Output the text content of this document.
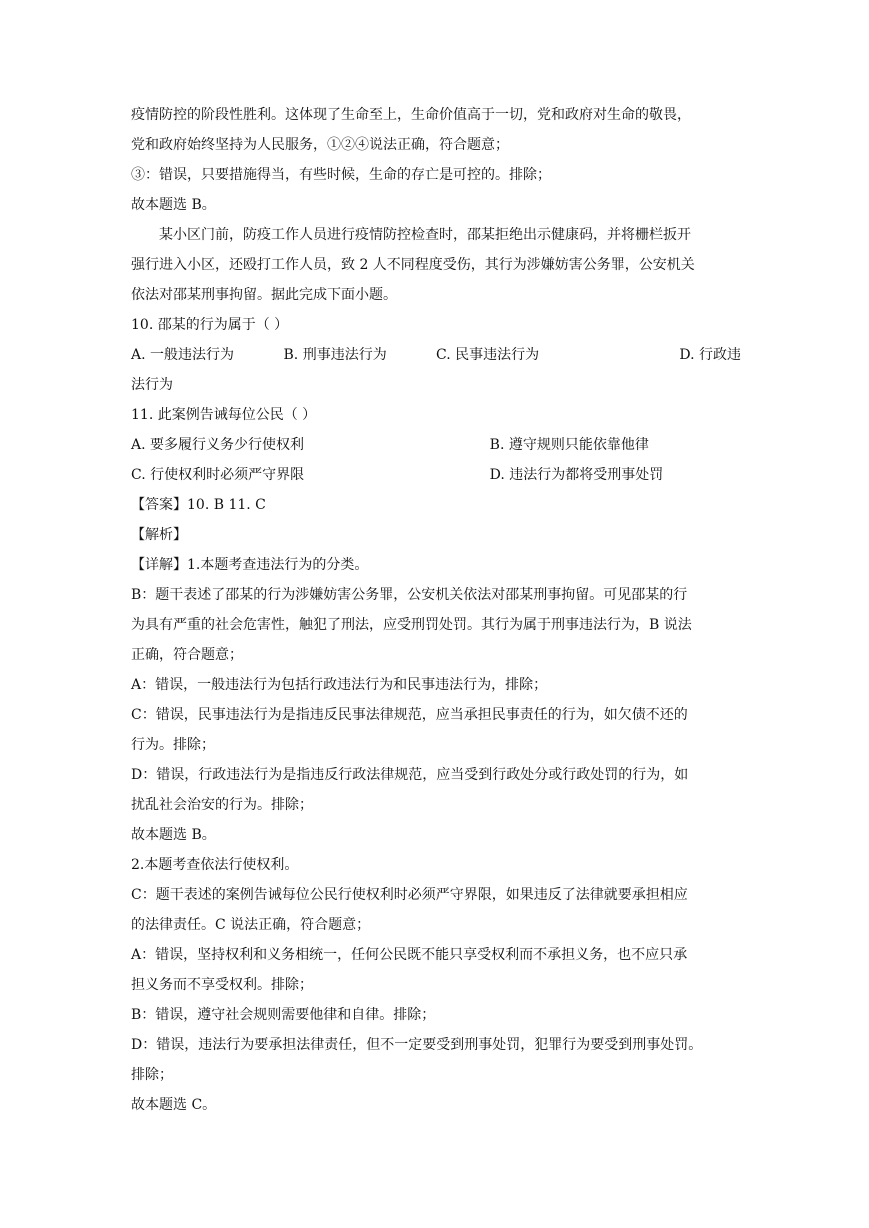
疫情防控的阶段性胜利。这体现了生命至上，生命价值高于一切，党和政府对生命的敬畏，
党和政府始终坚持为人民服务，①②④说法正确，符合题意；
③：错误，只要措施得当，有些时候，生命的存亡是可控的。排除；
故本题选 B。
某小区门前，防疫工作人员进行疫情防控检查时，邵某拒绝出示健康码，并将栅栏扳开
强行进入小区，还殴打工作人员，致 2 人不同程度受伤，其行为涉嫌妨害公务罪，公安机关
依法对邵某刑事拘留。据此完成下面小题。
10. 邵某的行为属于（ ）
A. 一般违法行为	B. 刑事违法行为	C. 民事违法行为	D. 行政违
法行为
11. 此案例告诫每位公民（ ）
A. 要多履行义务少行使权利	B. 遵守规则只能依靠他律
C. 行使权利时必须严守界限	D. 违法行为都将受刑事处罚
【答案】10. B 11. C
【解析】
【详解】1.本题考查违法行为的分类。
B：题干表述了邵某的行为涉嫌妨害公务罪，公安机关依法对邵某刑事拘留。可见邵某的行
为具有严重的社会危害性，触犯了刑法，应受刑罚处罚。其行为属于刑事违法行为，B 说法
正确，符合题意；
A：错误，一般违法行为包括行政违法行为和民事违法行为，排除；
C：错误，民事违法行为是指违反民事法律规范，应当承担民事责任的行为，如欠债不还的
行为。排除；
D：错误，行政违法行为是指违反行政法律规范，应当受到行政处分或行政处罚的行为，如
扰乱社会治安的行为。排除；
故本题选 B。
2.本题考查依法行使权利。
C：题干表述的案例告诫每位公民行使权利时必须严守界限，如果违反了法律就要承担相应
的法律责任。C 说法正确，符合题意；
A：错误，坚持权利和义务相统一，任何公民既不能只享受权利而不承担义务，也不应只承
担义务而不享受权利。排除；
B：错误，遵守社会规则需要他律和自律。排除；
D：错误，违法行为要承担法律责任，但不一定要受到刑事处罚，犯罪行为要受到刑事处罚。
排除；
故本题选 C。
